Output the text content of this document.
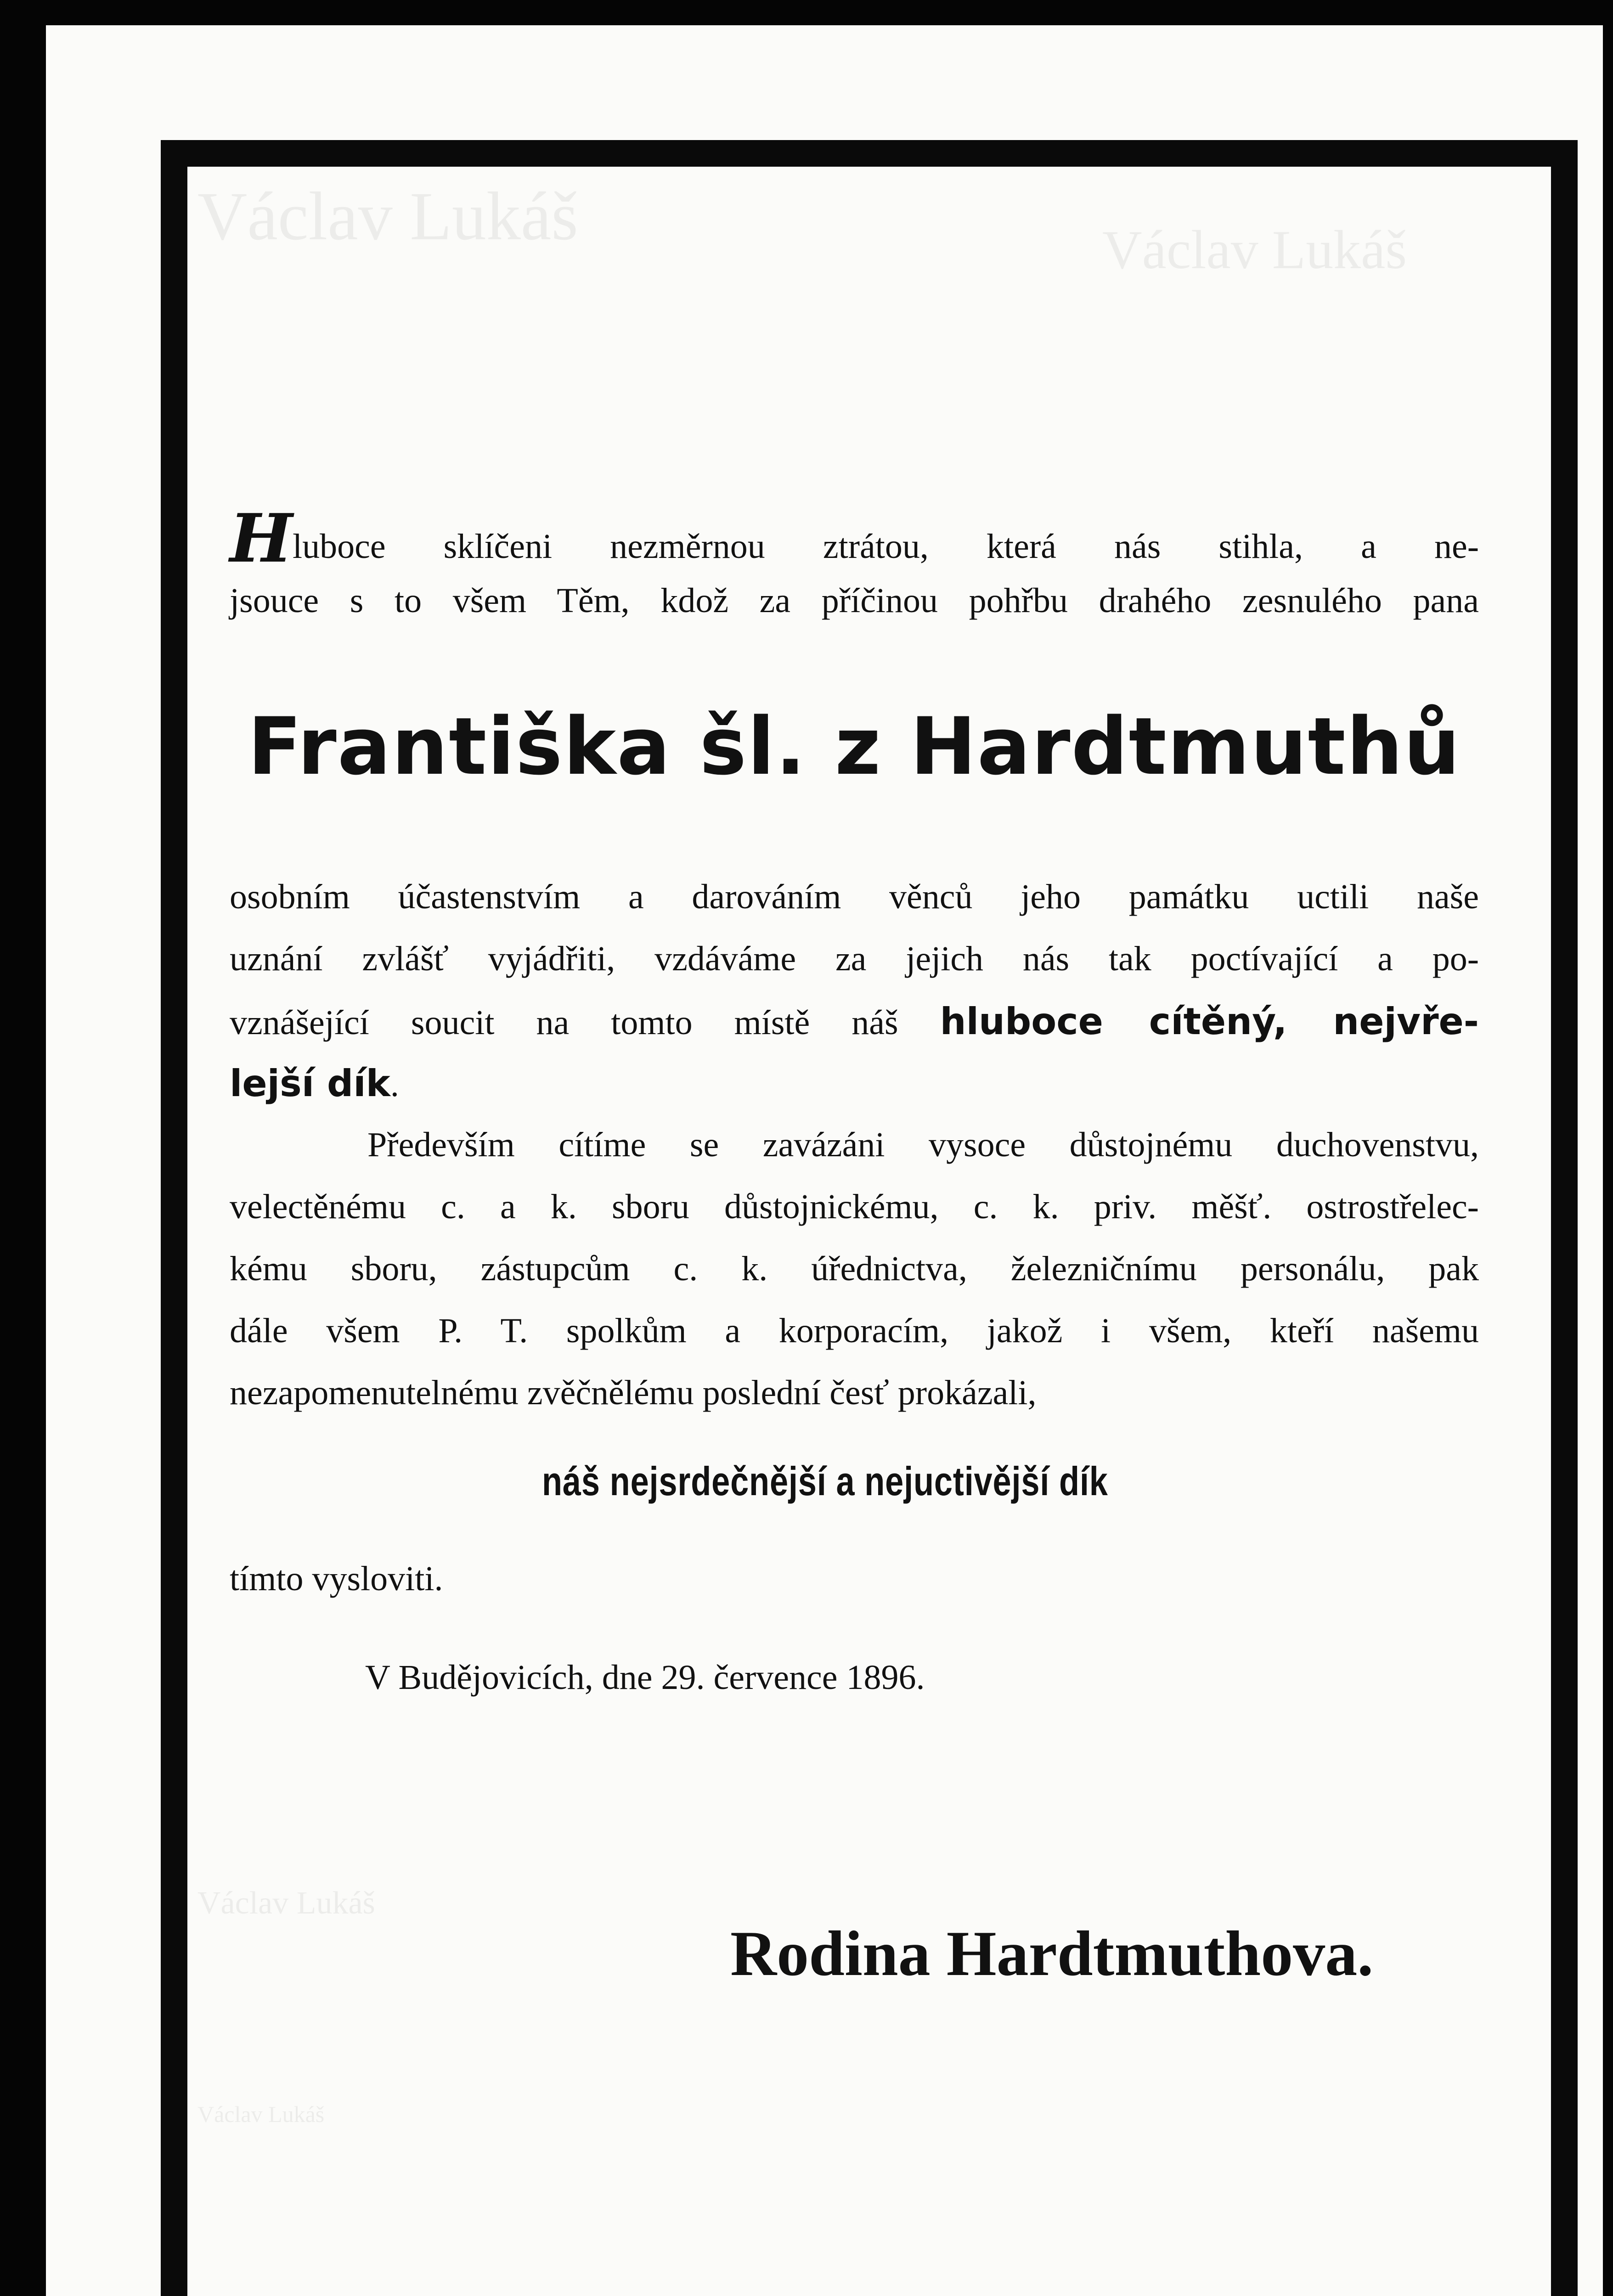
Václav Lukáš	Václav Lukáš

Hluboce sklíčeni nezměrnou ztrátou, která nás stihla, a ne-

jsouce s to všem Těm, kdož za příčinou pohřbu drahého zesnulého pana

Františka šl. z Hardtmuthů

osobním účastenstvím a darováním věnců jeho památku uctili naše

uznání zvlášť vyjádřiti, vzdáváme za jejich nás tak poctívající a po-

vznášející soucit na tomto místě náš hluboce cítěný, nejvře-

lejší dík.

Především cítíme se zavázáni vysoce důstojnému duchovenstvu,

velectěnému c. a k. sboru důstojnickému, c. k. priv. měšť. ostrostřelec-

kému sboru, zástupcům c. k. úřednictva, železničnímu personálu, pak

dále všem P. T. spolkům a korporacím, jakož i všem, kteří našemu

nezapomenutelnému zvěčnělému poslední česť prokázali,

náš nejsrdečnější a nejuctivější dík

tímto vysloviti.

V Budějovicích, dne 29. července 1896.

Václav Lukáš
Václav Lukáš
Rodina Hardtmuthova.
